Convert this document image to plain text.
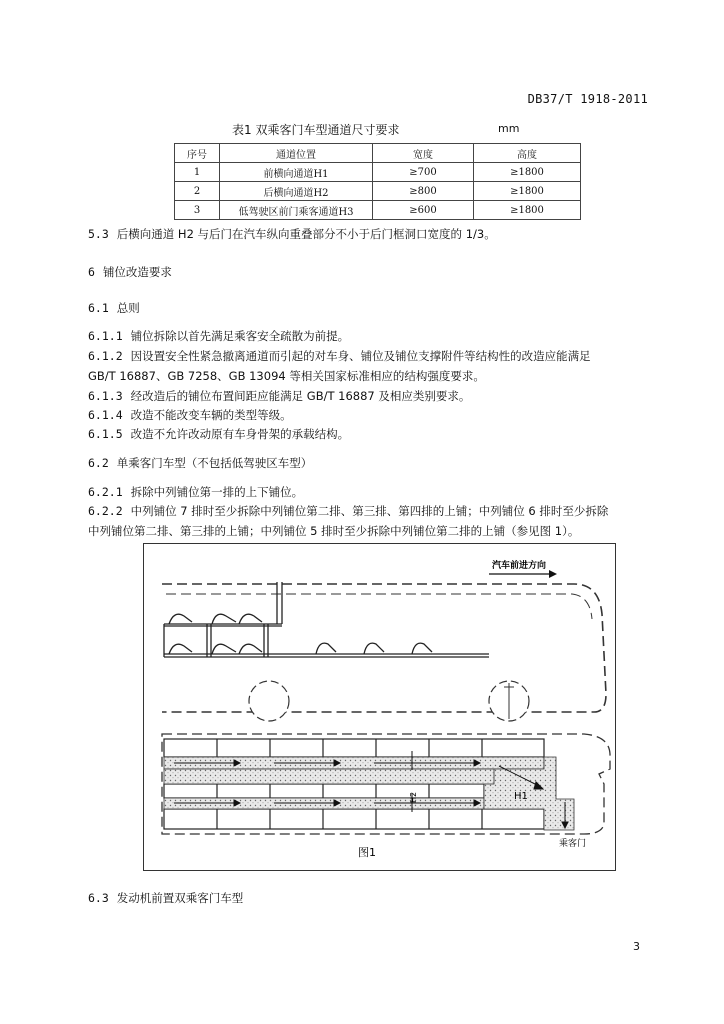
DB37/T 1918-2011
表1 双乘客门车型通道尺寸要求	mm
序号	通道位置	宽度	高度
1	前横向通道H1	≥700	≥1800
2	后横向通道H2	≥800	≥1800
3	低驾驶区前门乘客通道H3	≥600	≥1800
5.3 后横向通道 H2 与后门在汽车纵向重叠部分不小于后门框洞口宽度的 1/3。
6 铺位改造要求
6.1 总则
6.1.1 铺位拆除以首先满足乘客安全疏散为前提。
6.1.2 因设置安全性紧急撤离通道而引起的对车身、铺位及铺位支撑附件等结构性的改造应能满足
GB/T 16887、GB 7258、GB 13094 等相关国家标准相应的结构强度要求。
6.1.3 经改造后的铺位布置间距应能满足 GB/T 16887 及相应类别要求。
6.1.4 改造不能改变车辆的类型等级。
6.1.5 改造不允许改动原有车身骨架的承载结构。
6.2 单乘客门车型（不包括低驾驶区车型）
6.2.1 拆除中列铺位第一排的上下铺位。
6.2.2 中列铺位 7 排时至少拆除中列铺位第二排、第三排、第四排的上铺；中列铺位 6 排时至少拆除
中列铺位第二排、第三排的上铺；中列铺位 5 排时至少拆除中列铺位第二排的上铺（参见图 1）。
汽车前进方向
H1
H2
乘客门
图1
6.3 发动机前置双乘客门车型
3
